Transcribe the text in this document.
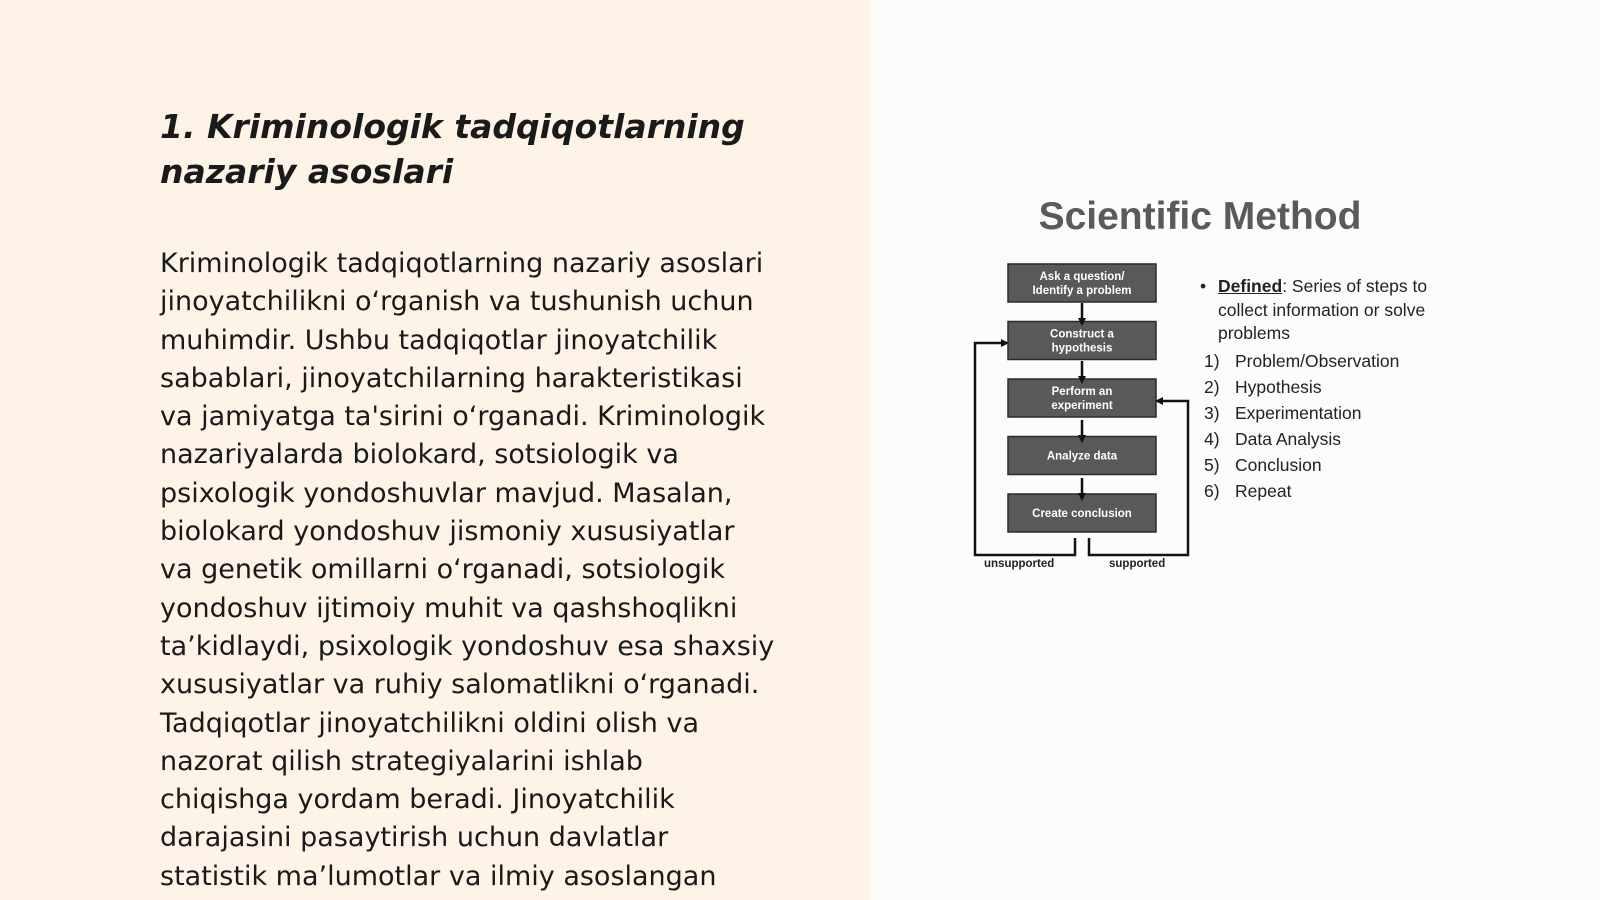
1. Kriminologik tadqiqotlarning nazariy asoslari

Kriminologik tadqiqotlarning nazariy asoslari
jinoyatchilikni o‘rganish va tushunish uchun
muhimdir. Ushbu tadqiqotlar jinoyatchilik
sabablari, jinoyatchilarning harakteristikasi
va jamiyatga ta'sirini o‘rganadi. Kriminologik
nazariyalarda biolokard, sotsiologik va
psixologik yondoshuvlar mavjud. Masalan,
biolokard yondoshuv jismoniy xususiyatlar
va genetik omillarni o‘rganadi, sotsiologik
yondoshuv ijtimoiy muhit va qashshoqlikni
ta’kidlaydi, psixologik yondoshuv esa shaxsiy
xususiyatlar va ruhiy salomatlikni o‘rganadi.
Tadqiqotlar jinoyatchilikni oldini olish va
nazorat qilish strategiyalarini ishlab
chiqishga yordam beradi. Jinoyatchilik
darajasini pasaytirish uchun davlatlar
statistik ma’lumotlar va ilmiy asoslangan

Scientific Method
Ask a question/
Identify a problem
Construct a
hypothesis
Perform an
experiment
Analyze data
Create conclusion
unsupported	supported
• Defined: Series of steps to collect information or solve problems
1) Problem/Observation
2) Hypothesis
3) Experimentation
4) Data Analysis
5) Conclusion
6) Repeat
